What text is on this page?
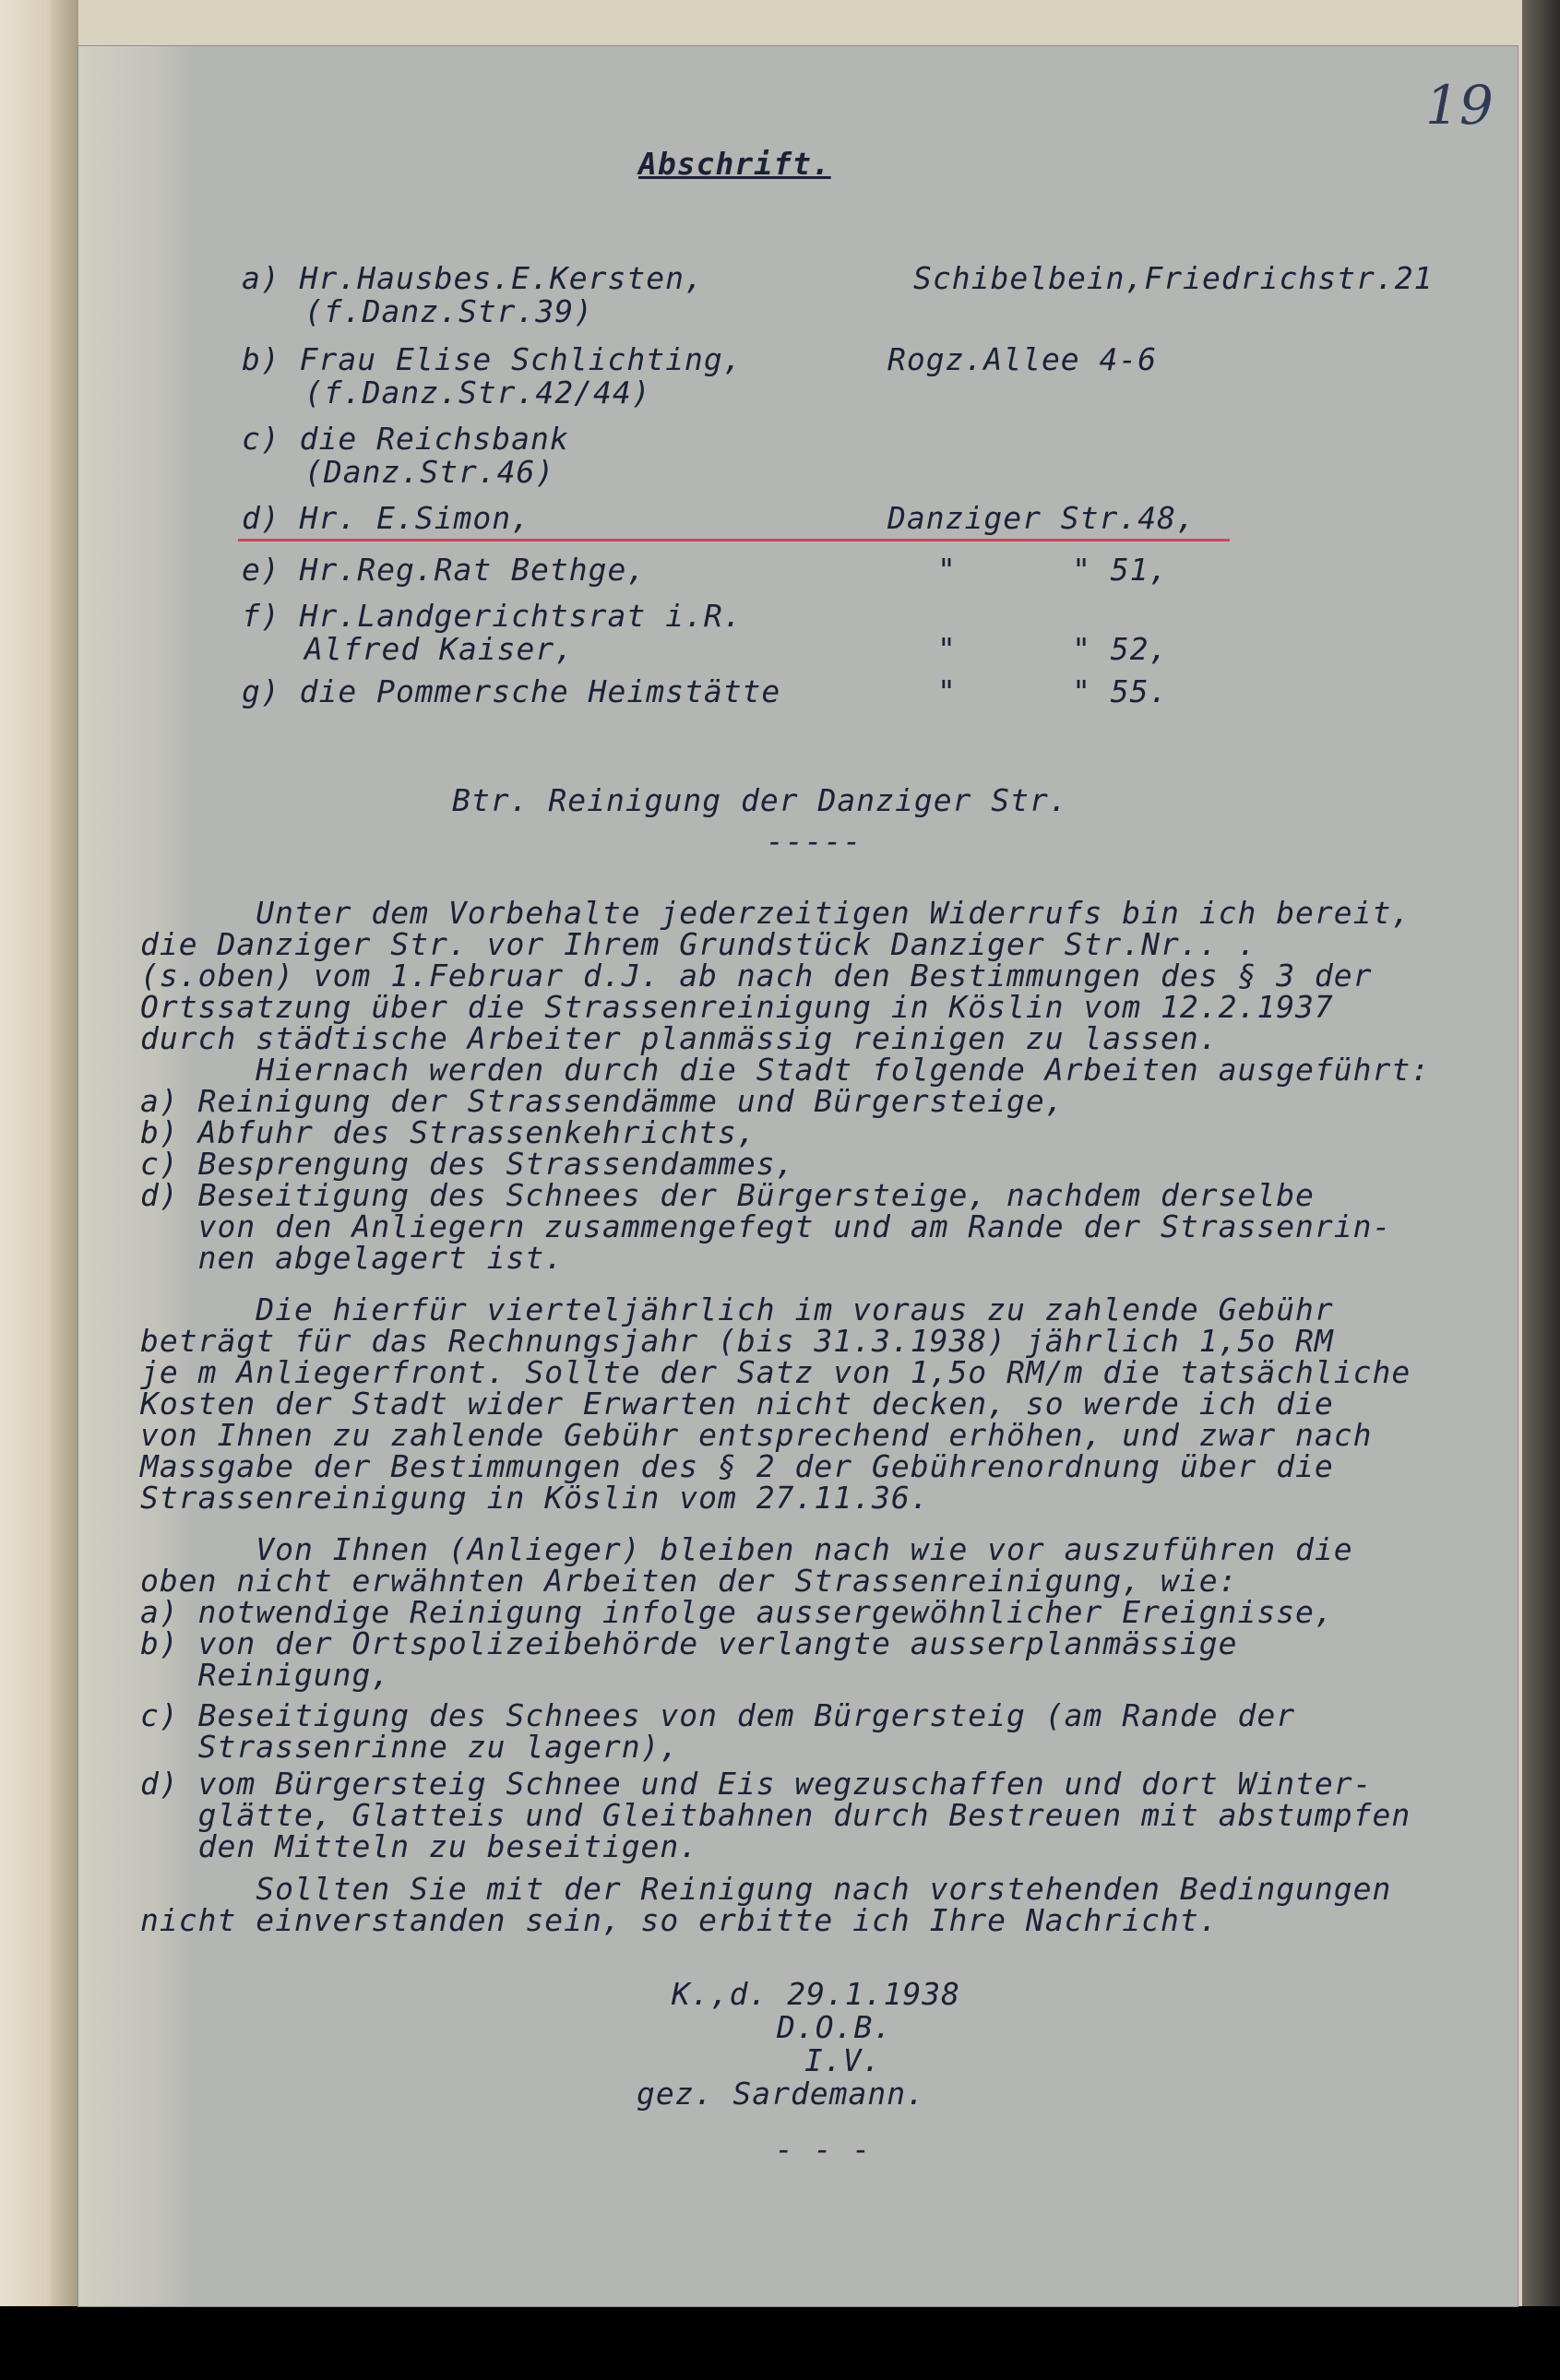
19
Abschrift.
a) Hr.Hausbes.E.Kersten,	Schibelbein,Friedrichstr.21
(f.Danz.Str.39)
b) Frau Elise Schlichting,	Rogz.Allee 4-6
(f.Danz.Str.42/44)
c) die Reichsbank
(Danz.Str.46)
d) Hr. E.Simon,	Danziger Str.48,
e) Hr.Reg.Rat Bethge,	"      " 51,
f) Hr.Landgerichtsrat i.R.
Alfred Kaiser,	"      " 52,
g) die Pommersche Heimstätte	"      " 55.
Btr. Reinigung der Danziger Str.
-----
Unter dem Vorbehalte jederzeitigen Widerrufs bin ich bereit,
die Danziger Str. vor Ihrem Grundstück Danziger Str.Nr.. .
(s.oben) vom 1.Februar d.J. ab nach den Bestimmungen des § 3 der
Ortssatzung über die Strassenreinigung in Köslin vom 12.2.1937
durch städtische Arbeiter planmässig reinigen zu lassen.
Hiernach werden durch die Stadt folgende Arbeiten ausgeführt:
a) Reinigung der Strassendämme und Bürgersteige,
b) Abfuhr des Strassenkehrichts,
c) Besprengung des Strassendammes,
d) Beseitigung des Schnees der Bürgersteige, nachdem derselbe
von den Anliegern zusammengefegt und am Rande der Strassenrin-
nen abgelagert ist.
Die hierfür vierteljährlich im voraus zu zahlende Gebühr
beträgt für das Rechnungsjahr (bis 31.3.1938) jährlich 1,5o RM
je m Anliegerfront. Sollte der Satz von 1,5o RM/m die tatsächliche
Kosten der Stadt wider Erwarten nicht decken, so werde ich die
von Ihnen zu zahlende Gebühr entsprechend erhöhen, und zwar nach
Massgabe der Bestimmungen des § 2 der Gebührenordnung über die
Strassenreinigung in Köslin vom 27.11.36.
Von Ihnen (Anlieger) bleiben nach wie vor auszuführen die
oben nicht erwähnten Arbeiten der Strassenreinigung, wie:
a) notwendige Reinigung infolge aussergewöhnlicher Ereignisse,
b) von der Ortspolizeibehörde verlangte ausserplanmässige
Reinigung,
c) Beseitigung des Schnees von dem Bürgersteig (am Rande der
Strassenrinne zu lagern),
d) vom Bürgersteig Schnee und Eis wegzuschaffen und dort Winter-
glätte, Glatteis und Gleitbahnen durch Bestreuen mit abstumpfen
den Mitteln zu beseitigen.
Sollten Sie mit der Reinigung nach vorstehenden Bedingungen
nicht einverstanden sein, so erbitte ich Ihre Nachricht.
K.,d. 29.1.1938
D.O.B.
I.V.
gez. Sardemann.
- - -
